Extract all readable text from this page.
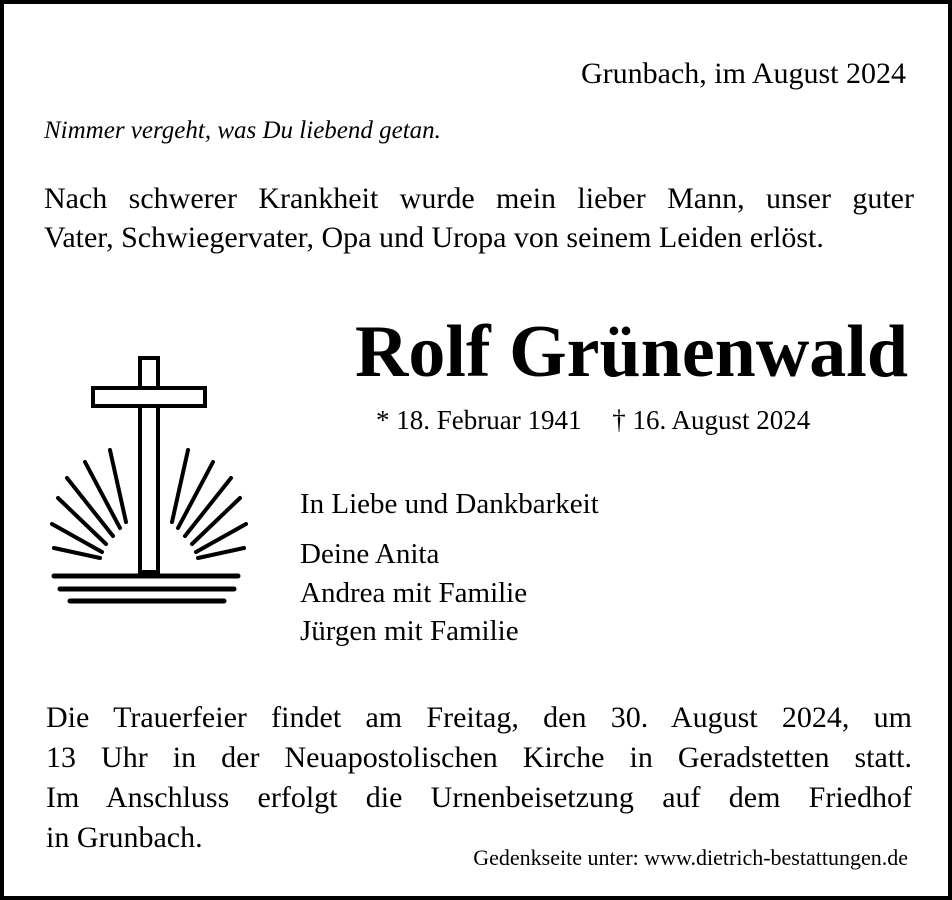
Grunbach, im August 2024
Nimmer vergeht, was Du liebend getan.
Nach schwerer Krankheit wurde mein lieber Mann, unser guter
Vater, Schwiegervater, Opa und Uropa von seinem Leiden erlöst.
Rolf Grünenwald
* 18. Februar 1941 † 16. August 2024
In Liebe und Dankbarkeit
Deine Anita
Andrea mit Familie
Jürgen mit Familie
Die Trauerfeier findet am Freitag, den 30. August 2024, um
13 Uhr in der Neuapostolischen Kirche in Geradstetten statt.
Im Anschluss erfolgt die Urnenbeisetzung auf dem Friedhof
in Grunbach.
Gedenkseite unter: www.dietrich-bestattungen.de
